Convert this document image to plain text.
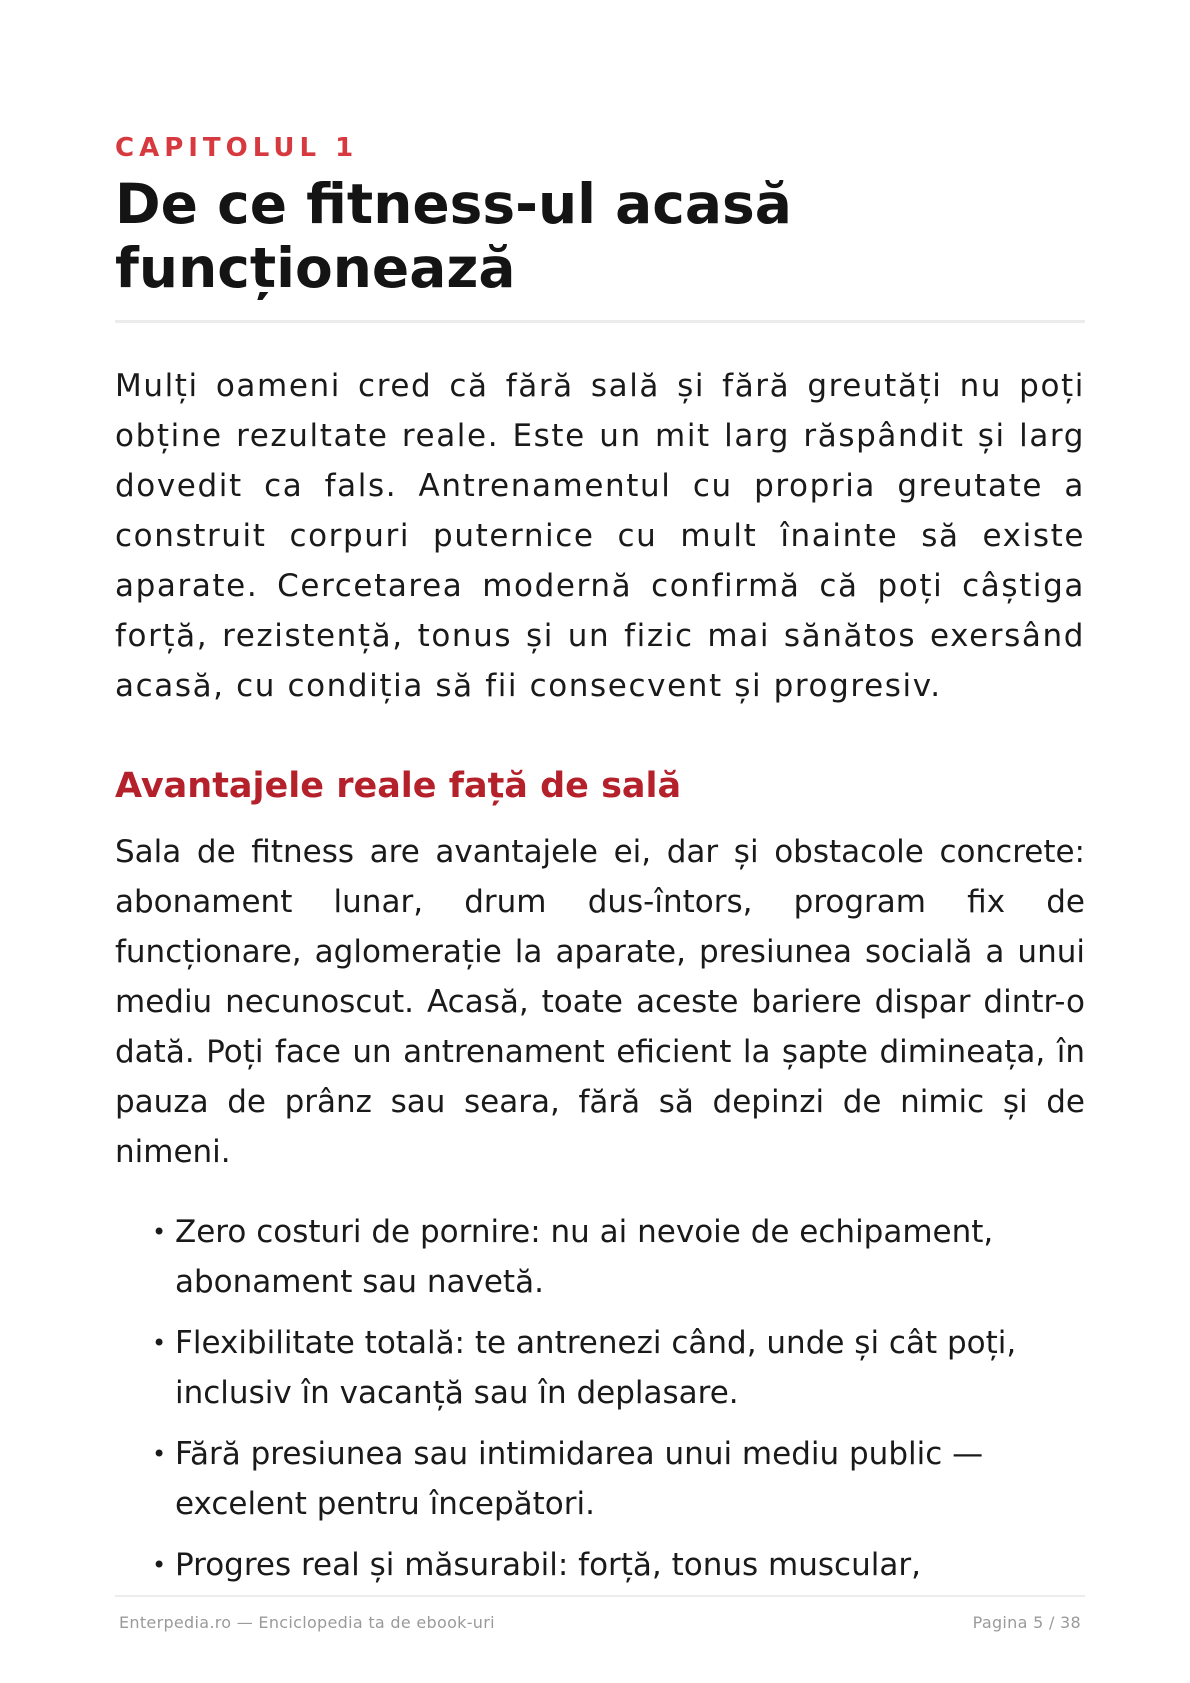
CAPITOLUL 1

De ce fitness-ul acasă funcționează

Mulți oameni cred că fără sală și fără greutăți nu poți obține rezultate reale. Este un mit larg răspândit și larg dovedit ca fals. Antrenamentul cu propria greutate a construit corpuri puternice cu mult înainte să existe aparate. Cercetarea modernă confirmă că poți câștiga forță, rezistență, tonus și un fizic mai sănătos exersând acasă, cu condiția să fii consecvent și progresiv.

Avantajele reale față de sală

Sala de fitness are avantajele ei, dar și obstacole concrete: abonament lunar, drum dus-întors, program fix de funcționare, aglomerație la aparate, presiunea socială a unui mediu necunoscut. Acasă, toate aceste bariere dispar dintr-o dată. Poți face un antrenament eficient la șapte dimineața, în pauza de prânz sau seara, fără să depinzi de nimic și de nimeni.

• Zero costuri de pornire: nu ai nevoie de echipament, abonament sau navetă.
• Flexibilitate totală: te antrenezi când, unde și cât poți, inclusiv în vacanță sau în deplasare.
• Fără presiunea sau intimidarea unui mediu public — excelent pentru începători.
• Progres real și măsurabil: forță, tonus muscular,
Enterpedia.ro — Enciclopedia ta de ebook-uri	Pagina 5 / 38
